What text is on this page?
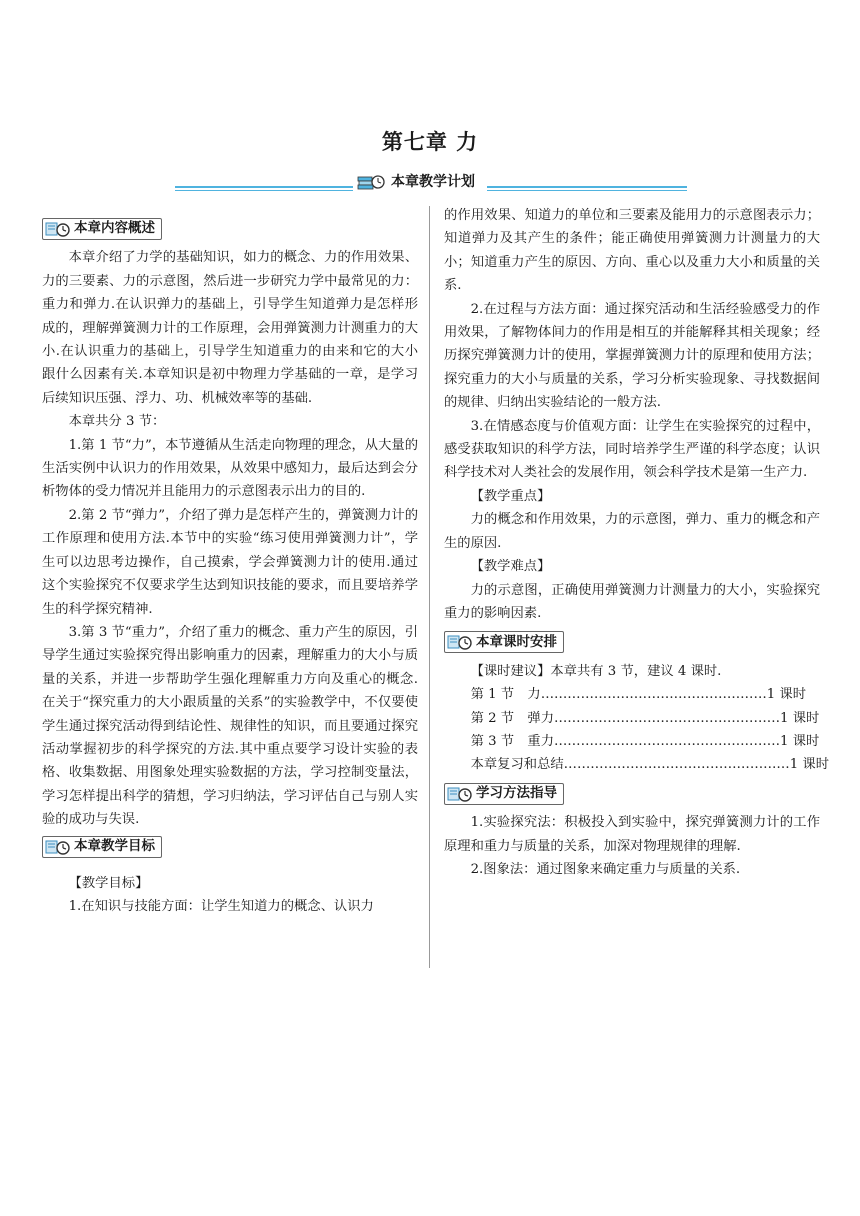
第七章 力
本章教学计划
本章内容概述

本章介绍了力学的基础知识，如力的概念、力的作用效果、力的三要素、力的示意图，然后进一步研究力学中最常见的力：重力和弹力.在认识弹力的基础上，引导学生知道弹力是怎样形成的，理解弹簧测力计的工作原理，会用弹簧测力计测重力的大小.在认识重力的基础上，引导学生知道重力的由来和它的大小跟什么因素有关.本章知识是初中物理力学基础的一章，是学习后续知识压强、浮力、功、机械效率等的基础.

本章共分 3 节：

1.第 1 节“力”，本节遵循从生活走向物理的理念，从大量的生活实例中认识力的作用效果，从效果中感知力，最后达到会分析物体的受力情况并且能用力的示意图表示出力的目的.

2.第 2 节“弹力”，介绍了弹力是怎样产生的，弹簧测力计的工作原理和使用方法.本节中的实验“练习使用弹簧测力计”，学生可以边思考边操作，自己摸索，学会弹簧测力计的使用.通过这个实验探究不仅要求学生达到知识技能的要求，而且要培养学生的科学探究精神.

3.第 3 节“重力”，介绍了重力的概念、重力产生的原因，引导学生通过实验探究得出影响重力的因素，理解重力的大小与质量的关系，并进一步帮助学生强化理解重力方向及重心的概念.在关于“探究重力的大小跟质量的关系”的实验教学中，不仅要使学生通过探究活动得到结论性、规律性的知识，而且要通过探究活动掌握初步的科学探究的方法.其中重点要学习设计实验的表格、收集数据、用图象处理实验数据的方法，学习控制变量法，学习怎样提出科学的猜想，学习归纳法，学习评估自己与别人实验的成功与失误.

本章教学目标

【教学目标】

1.在知识与技能方面：让学生知道力的概念、认识力

的作用效果、知道力的单位和三要素及能用力的示意图表示力；知道弹力及其产生的条件；能正确使用弹簧测力计测量力的大小；知道重力产生的原因、方向、重心以及重力大小和质量的关系.

2.在过程与方法方面：通过探究活动和生活经验感受力的作用效果，了解物体间力的作用是相互的并能解释其相关现象；经历探究弹簧测力计的使用，掌握弹簧测力计的原理和使用方法；探究重力的大小与质量的关系，学习分析实验现象、寻找数据间的规律、归纳出实验结论的一般方法.

3.在情感态度与价值观方面：让学生在实验探究的过程中，感受获取知识的科学方法，同时培养学生严谨的科学态度；认识科学技术对人类社会的发展作用，领会科学技术是第一生产力.

【教学重点】

力的概念和作用效果，力的示意图，弹力、重力的概念和产生的原因.

【教学难点】

力的示意图，正确使用弹簧测力计测量力的大小，实验探究重力的影响因素.

本章课时安排

【课时建议】本章共有 3 节，建议 4 课时.

第 1 节　力 …………………………………………… 1 课时
第 2 节　弹力 …………………………………………… 1 课时
第 3 节　重力 …………………………………………… 1 课时
本章复习和总结 …………………………………………… 1 课时
学习方法指导

1.实验探究法：积极投入到实验中，探究弹簧测力计的工作原理和重力与质量的关系，加深对物理规律的理解.

2.图象法：通过图象来确定重力与质量的关系.
